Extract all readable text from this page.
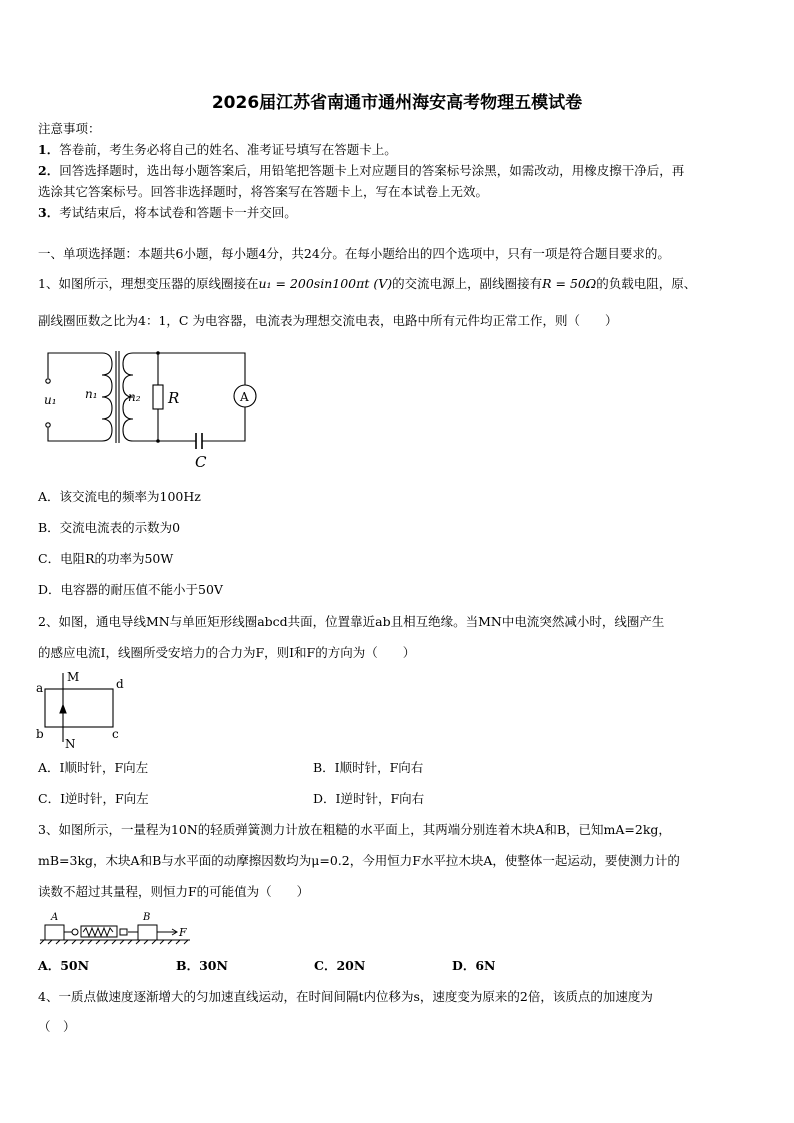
2026届江苏省南通市通州海安高考物理五模试卷
注意事项：
1．答卷前，考生务必将自己的姓名、准考证号填写在答题卡上。
2．回答选择题时，选出每小题答案后，用铅笔把答题卡上对应题目的答案标号涂黑，如需改动，用橡皮擦干净后，再
选涂其它答案标号。回答非选择题时，将答案写在答题卡上，写在本试卷上无效。
3．考试结束后，将本试卷和答题卡一并交回。
一、单项选择题：本题共6小题，每小题4分，共24分。在每小题给出的四个选项中，只有一项是符合题目要求的。
1、如图所示，理想变压器的原线圈接在u₁ = 200sin100πt (V)的交流电源上，副线圈接有R = 50Ω的负载电阻，原、
副线圈匝数之比为4：1，C 为电容器，电流表为理想交流电表，电路中所有元件均正常工作，则（　　）
u₁ n₁	n₂ R	A
C
A．该交流电的频率为100Hz
B．交流电流表的示数为0
C．电阻R的功率为50W
D．电容器的耐压值不能小于50V
2、如图，通电导线MN与单匝矩形线圈abcd共面，位置靠近ab且相互绝缘。当MN中电流突然减小时，线圈产生
的感应电流I，线圈所受安培力的合力为F，则I和F的方向为（　　）
M
N
a
b	c
d
A．I顺时针，F向左	B．I顺时针，F向右
C．I逆时针，F向左	D．I逆时针，F向右
3、如图所示，一量程为10N的轻质弹簧测力计放在粗糙的水平面上，其两端分别连着木块A和B，已知mA=2kg，
mB=3kg，木块A和B与水平面的动摩擦因数均为μ=0.2，今用恒力F水平拉木块A，使整体一起运动，要使测力计的
读数不超过其量程，则恒力F的可能值为（　　）
A	B
F
A．50N	B．30N	C．20N	D．6N
4、一质点做速度逐渐增大的匀加速直线运动，在时间间隔t内位移为s，速度变为原来的2倍，该质点的加速度为
（　）
